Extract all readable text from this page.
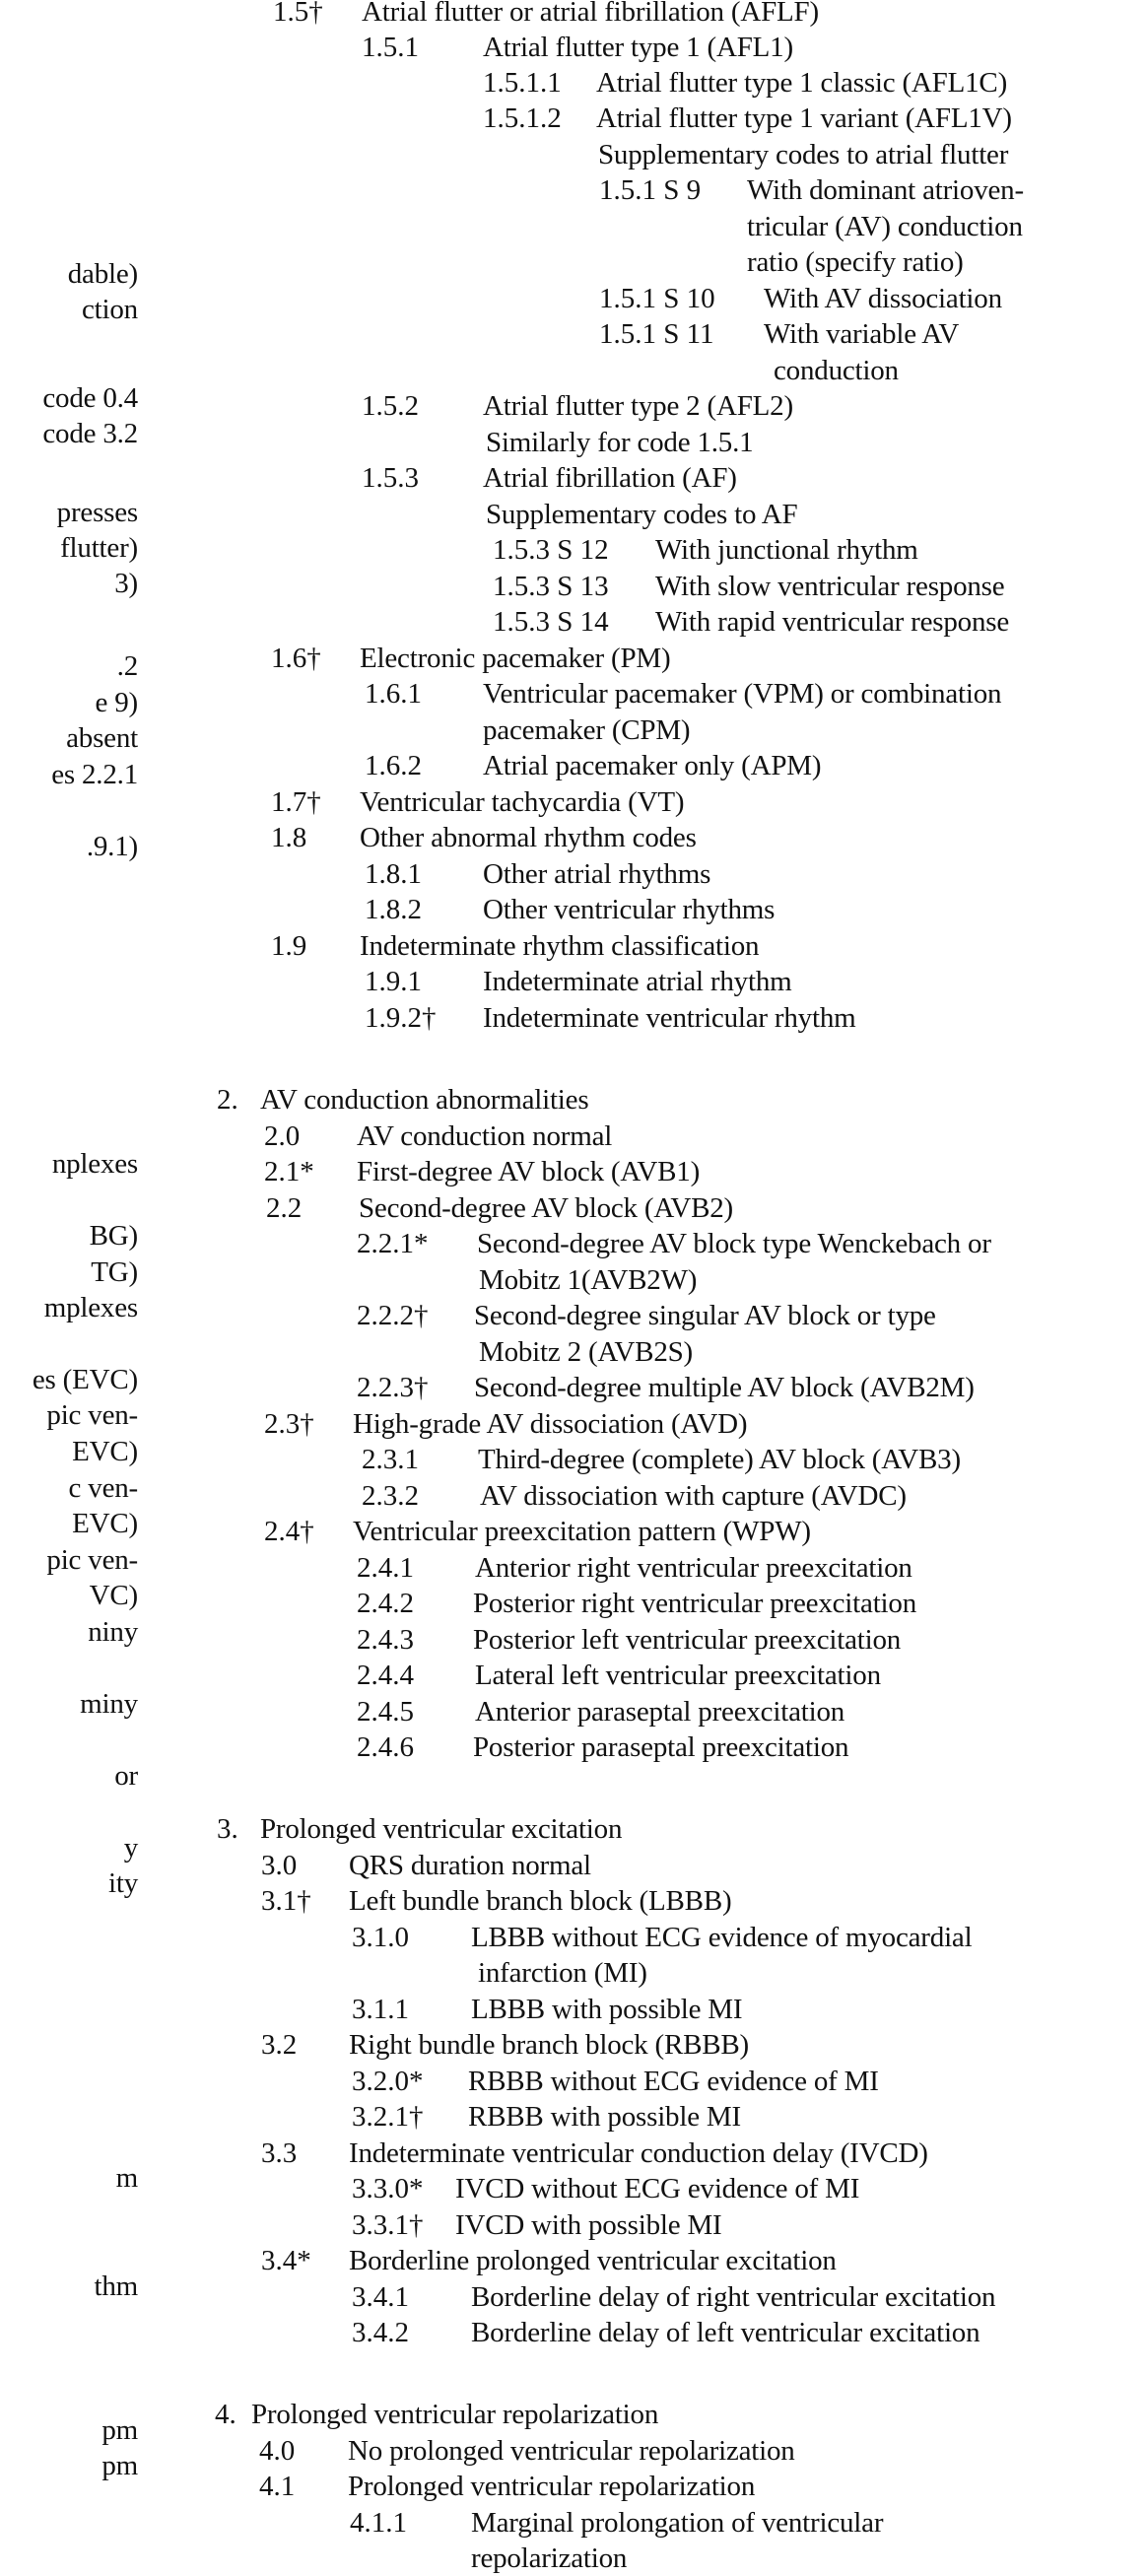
dable)
ction
code 0.4
code 3.2
presses
flutter)
3)
.2
e 9)
absent
es 2.2.1
.9.1)
nplexes
BG)
TG)
mplexes
es (EVC)
pic ven-
EVC)
c ven-
EVC)
pic ven-
VC)
niny
miny
or
y
ity
m
thm
pm
pm
1.5† Atrial flutter or atrial fibrillation (AFLF)
1.5.1 Atrial flutter type 1 (AFL1)
1.5.1.1 Atrial flutter type 1 classic (AFL1C)
1.5.1.2 Atrial flutter type 1 variant (AFL1V)
Supplementary codes to atrial flutter
1.5.1 S 9 With dominant atrioven-
tricular (AV) conduction
ratio (specify ratio)
1.5.1 S 10 With AV dissociation
1.5.1 S 11 With variable AV
conduction
1.5.2 Atrial flutter type 2 (AFL2)
Similarly for code 1.5.1
1.5.3 Atrial fibrillation (AF)
Supplementary codes to AF
1.5.3 S 12 With junctional rhythm
1.5.3 S 13 With slow ventricular response
1.5.3 S 14 With rapid ventricular response
1.6† Electronic pacemaker (PM)
1.6.1 Ventricular pacemaker (VPM) or combination
pacemaker (CPM)
1.6.2 Atrial pacemaker only (APM)
1.7† Ventricular tachycardia (VT)
1.8 Other abnormal rhythm codes
1.8.1 Other atrial rhythms
1.8.2 Other ventricular rhythms
1.9 Indeterminate rhythm classification
1.9.1 Indeterminate atrial rhythm
1.9.2† Indeterminate ventricular rhythm
2. AV conduction abnormalities
2.0 AV conduction normal
2.1* First-degree AV block (AVB1)
2.2 Second-degree AV block (AVB2)
2.2.1* Second-degree AV block type Wenckebach or
Mobitz 1(AVB2W)
2.2.2† Second-degree singular AV block or type
Mobitz 2 (AVB2S)
2.2.3† Second-degree multiple AV block (AVB2M)
2.3† High-grade AV dissociation (AVD)
2.3.1 Third-degree (complete) AV block (AVB3)
2.3.2 AV dissociation with capture (AVDC)
2.4† Ventricular preexcitation pattern (WPW)
2.4.1 Anterior right ventricular preexcitation
2.4.2 Posterior right ventricular preexcitation
2.4.3 Posterior left ventricular preexcitation
2.4.4 Lateral left ventricular preexcitation
2.4.5 Anterior paraseptal preexcitation
2.4.6 Posterior paraseptal preexcitation
3. Prolonged ventricular excitation
3.0 QRS duration normal
3.1† Left bundle branch block (LBBB)
3.1.0 LBBB without ECG evidence of myocardial
infarction (MI)
3.1.1 LBBB with possible MI
3.2 Right bundle branch block (RBBB)
3.2.0* RBBB without ECG evidence of MI
3.2.1† RBBB with possible MI
3.3 Indeterminate ventricular conduction delay (IVCD)
3.3.0* IVCD without ECG evidence of MI
3.3.1† IVCD with possible MI
3.4* Borderline prolonged ventricular excitation
3.4.1 Borderline delay of right ventricular excitation
3.4.2 Borderline delay of left ventricular excitation
4. Prolonged ventricular repolarization
4.0 No prolonged ventricular repolarization
4.1 Prolonged ventricular repolarization
4.1.1 Marginal prolongation of ventricular
repolarization
